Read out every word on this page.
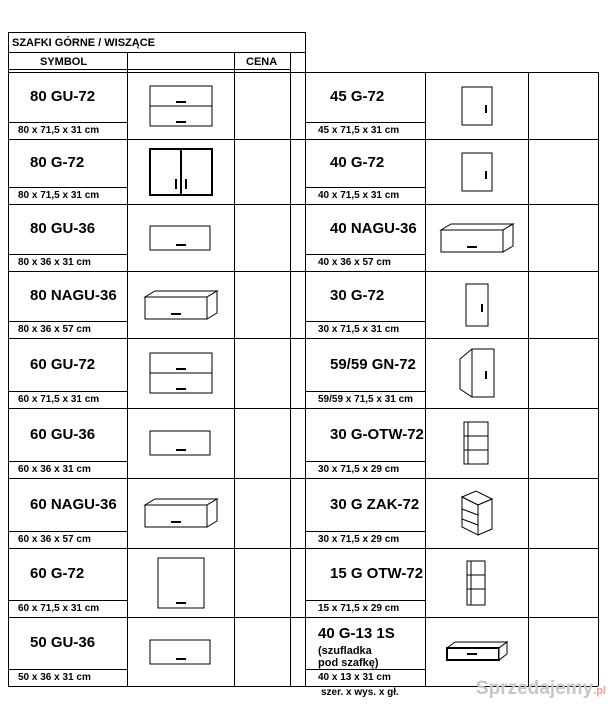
SZAFKI GÓRNE / WISZĄCE
SYMBOL	CENA
80 GU-72
80 x 71,5 x 31 cm
80 G-72
80 x 71,5 x 31 cm
80 GU-36
80 x 36 x 31 cm
80 NAGU-36
80 x 36 x 57 cm
60 GU-72
60 x 71,5 x 31 cm
60 GU-36
60 x 36 x 31 cm
60 NAGU-36
60 x 36 x 57 cm
60 G-72
60 x 71,5 x 31 cm
50 GU-36
50 x 36 x 31 cm
45 G-72
45 x 71,5 x 31 cm
40 G-72
40 x 71,5 x 31 cm
40 NAGU-36
40 x 36 x 57 cm
30 G-72
30 x 71,5 x 31 cm
59/59 GN-72
59/59 x 71,5 x 31 cm
30 G-OTW-72
30 x 71,5 x 29 cm
30 G ZAK-72
30 x 71,5 x 29 cm
15 G OTW-72
15 x 71,5 x 29 cm
40 G-13 1S
(szufladka
pod szafkę)
40 x 13 x 31 cm
szer. x wys. x gł.	Sprzedajemy.pl
